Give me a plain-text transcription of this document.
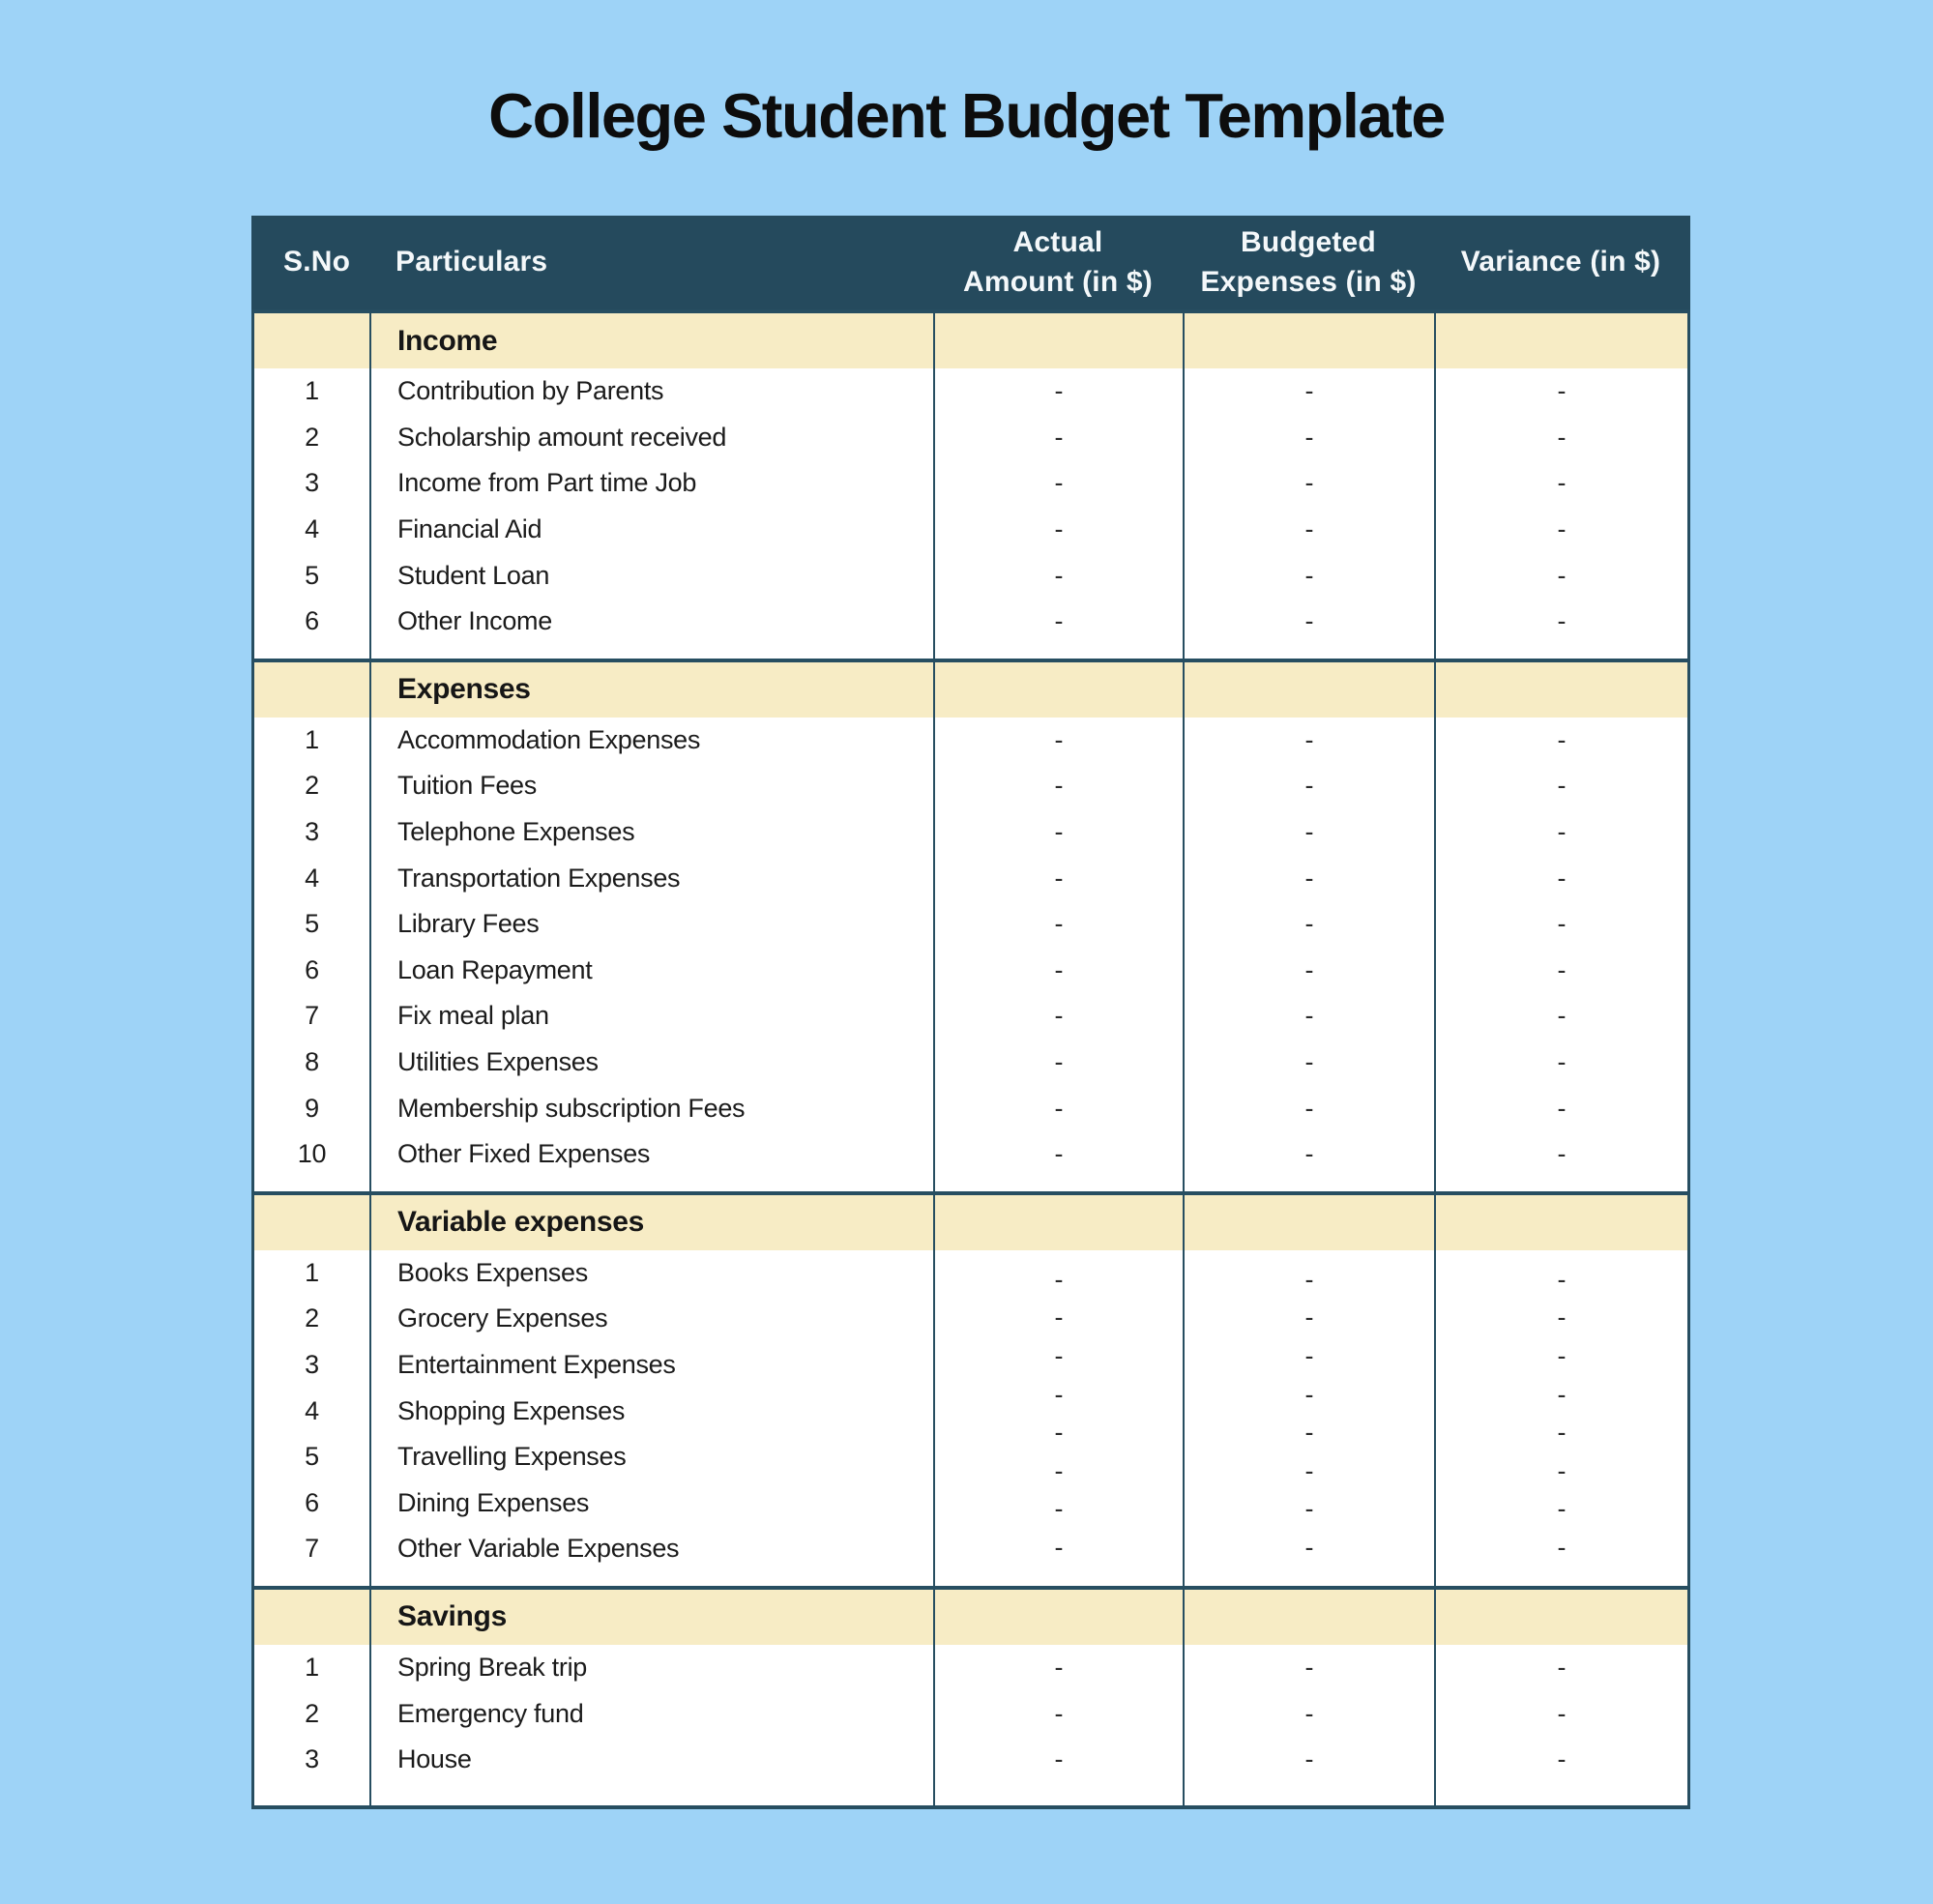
College Student Budget Template
S.No	Particulars
Actual
Amount (in $)
Budgeted
Expenses (in $)
Variance (in $)
Income
1
2
3
4
5
6
Contribution by Parents
Scholarship amount received
Income from Part time Job
Financial Aid
Student Loan
Other Income
-
-
-
-
-
-
-
-
-
-
-
-
-
-
-
-
-
-
Expenses
1
2
3
4
5
6
7
8
9
10
Accommodation Expenses
Tuition Fees
Telephone Expenses
Transportation Expenses
Library Fees
Loan Repayment
Fix meal plan
Utilities Expenses
Membership subscription Fees
Other Fixed Expenses
-
-
-
-
-
-
-
-
-
-
-
-
-
-
-
-
-
-
-
-
-
-
-
-
-
-
-
-
-
-
Variable expenses
1
2
3
4
5
6
7
Books Expenses
Grocery Expenses
Entertainment Expenses
Shopping Expenses
Travelling Expenses
Dining Expenses
Other Variable Expenses
-
-
-
-
-
-
-
-
-
-
-
-
-
-
-
-
-
-
-
-
-
-
-
-
Savings
1
2
3
Spring Break trip
Emergency fund
House
-
-
-
-
-
-
-
-
-
